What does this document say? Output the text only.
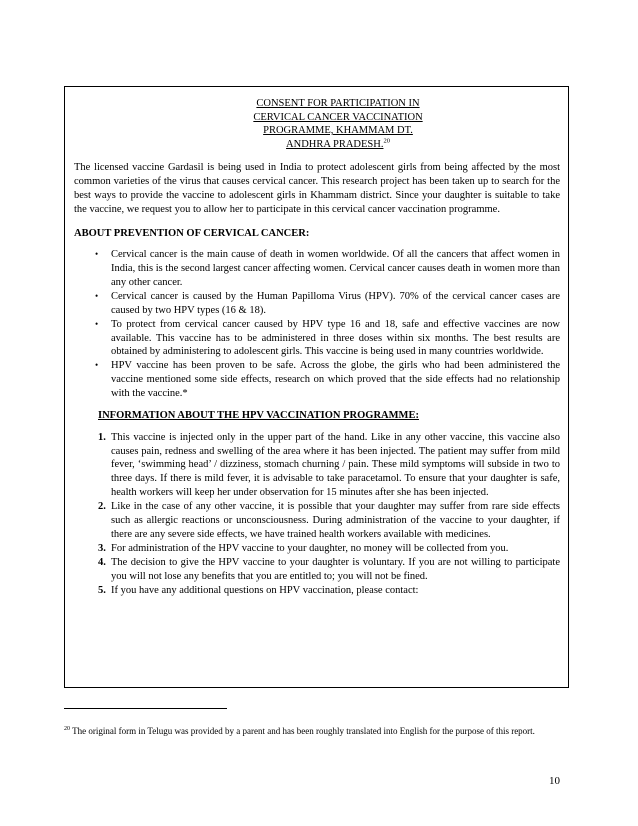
CONSENT FOR PARTICIPATION IN
CERVICAL CANCER VACCINATION
PROGRAMME, KHAMMAM DT.
ANDHRA PRADESH.$^{20}$

The licensed vaccine Gardasil is being used in India to protect adolescent girls from being affected by the most common varieties of the virus that causes cervical cancer. This research project has been taken up to search for the best ways to provide the vaccine to adolescent girls in Khammam district. Since your daughter is suitable to take the vaccine, we request you to allow her to participate in this cervical cancer vaccination programme.

ABOUT PREVENTION OF CERVICAL CANCER:
• Cervical cancer is the main cause of death in women worldwide. Of all the cancers that affect women in India, this is the second largest cancer affecting women. Cervical cancer causes death in women more than any other cancer.
• Cervical cancer is caused by the Human Papilloma Virus (HPV). 70% of the cervical cancer cases are caused by two HPV types (16 & 18).
• To protect from cervical cancer caused by HPV type 16 and 18, safe and effective vaccines are now available. This vaccine has to be administered in three doses within six months. The best results are obtained by administering to adolescent girls. This vaccine is being used in many countries worldwide.
• HPV vaccine has been proven to be safe. Across the globe, the girls who had been administered the vaccine mentioned some side effects, research on which proved that the side effects had no relationship with the vaccine.*
INFORMATION ABOUT THE HPV VACCINATION PROGRAMME:
1. This vaccine is injected only in the upper part of the hand. Like in any other vaccine, this vaccine also causes pain, redness and swelling of the area where it has been injected. The patient may suffer from mild fever, ‘swimming head’ / dizziness, stomach churning / pain. These mild symptoms will subside in two to three days. If there is mild fever, it is advisable to take paracetamol. To ensure that your daughter is safe, health workers will keep her under observation for 15 minutes after she has been injected.
2. Like in the case of any other vaccine, it is possible that your daughter may suffer from rare side effects such as allergic reactions or unconsciousness. During administration of the vaccine to your daughter, if there are any severe side effects, we have trained health workers available with medicines.
3. For administration of the HPV vaccine to your daughter, no money will be collected from you.
4. The decision to give the HPV vaccine to your daughter is voluntary. If you are not willing to participate you will not lose any benefits that you are entitled to; you will not be fined.
5. If you have any additional questions on HPV vaccination, please contact:
$^{20}$ The original form in Telugu was provided by a parent and has been roughly translated into English for the purpose of this report.
10
